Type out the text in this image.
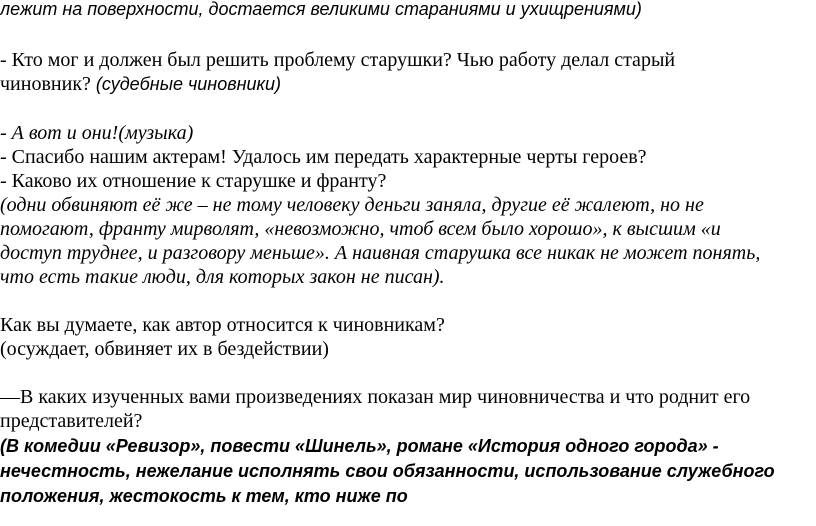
лежит на поверхности, достается великими стараниями и ухищрениями)
- Кто мог и должен был решить проблему старушки? Чью работу делал старый
чиновник? (судебные чиновники)
- А вот и они!(музыка)
- Спасибо нашим актерам! Удалось им передать характерные черты героев?
- Каково их отношение к старушке и франту?
(одни обвиняют её же – не тому человеку деньги заняла, другие её жалеют, но не
помогают, франту мирволят, «невозможно, чтоб всем было хорошо», к высшим «и
доступ труднее, и разговору меньше». А наивная старушка все никак не может понять,
что есть такие люди, для которых закон не писан).
Как вы думаете, как автор относится к чиновникам?
(осуждает, обвиняет их в бездействии)
—В каких изученных вами произведениях показан мир чиновничества и что роднит его
представителей?
(В комедии «Ревизор», повести «Шинель», романе «История одного города» -
нечестность, нежелание исполнять свои обязанности, использование служебного
положения, жестокость к тем, кто ниже по
